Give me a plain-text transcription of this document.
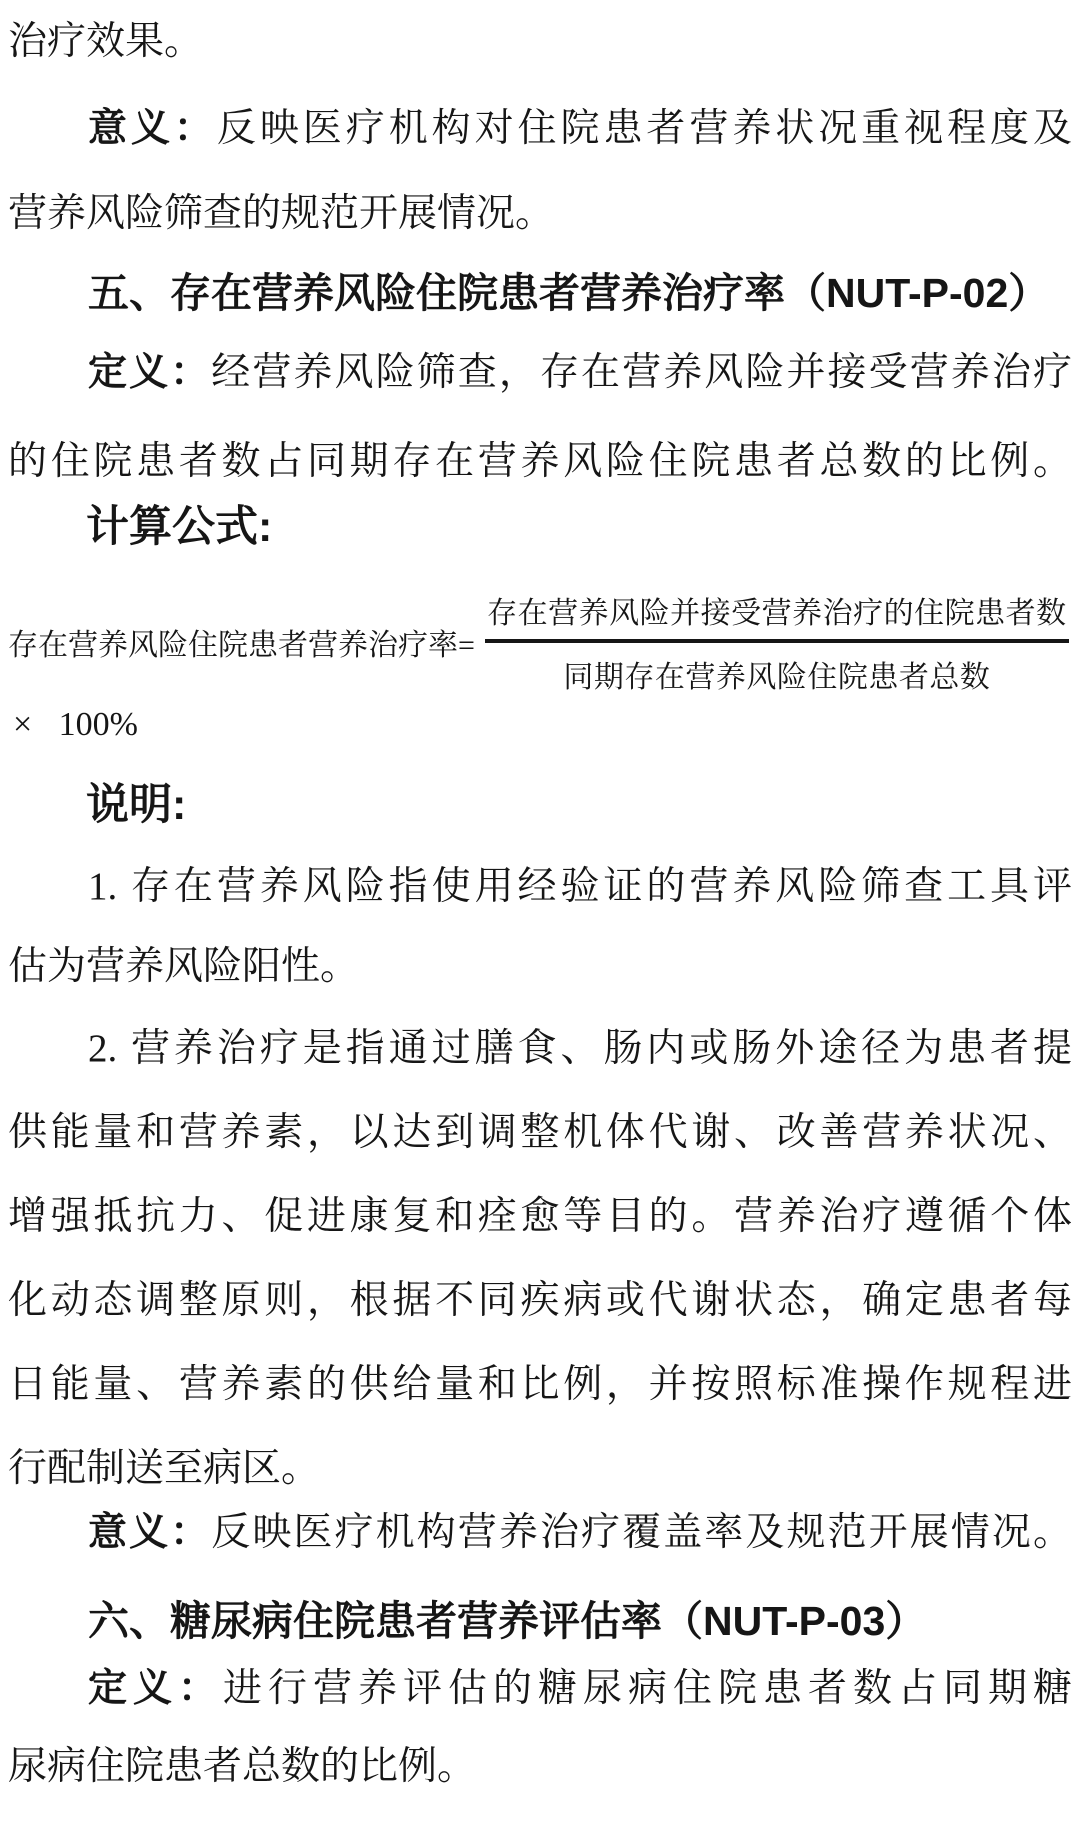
治疗效果。
意义：反映医疗机构对住院患者营养状况重视程度及
营养风险筛查的规范开展情况。
五、存在营养风险住院患者营养治疗率（NUT-P-02）
定义：经营养风险筛查，存在营养风险并接受营养治疗
的住院患者数占同期存在营养风险住院患者总数的比例。
计算公式:
存在营养风险住院患者营养治疗率= $\frac{\text{存在营养风险并接受营养治疗的住院患者数}}{\text{同期存在营养风险住院患者总数}}$
× 100%
说明:
1. 存在营养风险指使用经验证的营养风险筛查工具评
估为营养风险阳性。
2. 营养治疗是指通过膳食、肠内或肠外途径为患者提
供能量和营养素，以达到调整机体代谢、改善营养状况、
增强抵抗力、促进康复和痊愈等目的。营养治疗遵循个体
化动态调整原则，根据不同疾病或代谢状态，确定患者每
日能量、营养素的供给量和比例，并按照标准操作规程进
行配制送至病区。
意义：反映医疗机构营养治疗覆盖率及规范开展情况。
六、糖尿病住院患者营养评估率（NUT-P-03）
定义：进行营养评估的糖尿病住院患者数占同期糖
尿病住院患者总数的比例。
